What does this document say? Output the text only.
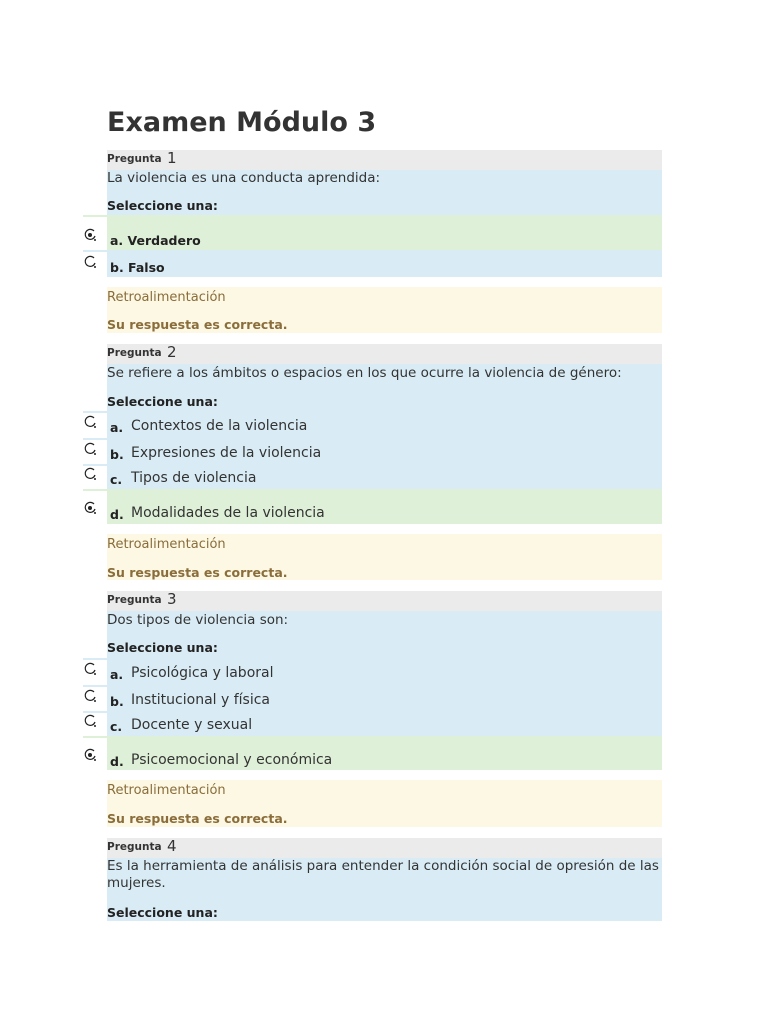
Examen Módulo 3
Pregunta 1
La violencia es una conducta aprendida:
Seleccione una:
a. Verdadero
b. Falso
Retroalimentación
Su respuesta es correcta.
Pregunta 2
Se refiere a los ámbitos o espacios en los que ocurre la violencia de género:
Seleccione una:
a. Contextos de la violencia
b. Expresiones de la violencia
c. Tipos de violencia
d. Modalidades de la violencia
Retroalimentación
Su respuesta es correcta.
Pregunta 3
Dos tipos de violencia son:
Seleccione una:
a. Psicológica y laboral
b. Institucional y física
c. Docente y sexual
d. Psicoemocional y económica
Retroalimentación
Su respuesta es correcta.
Pregunta 4
Es la herramienta de análisis para entender la condición social de opresión de las mujeres.
Seleccione una:
